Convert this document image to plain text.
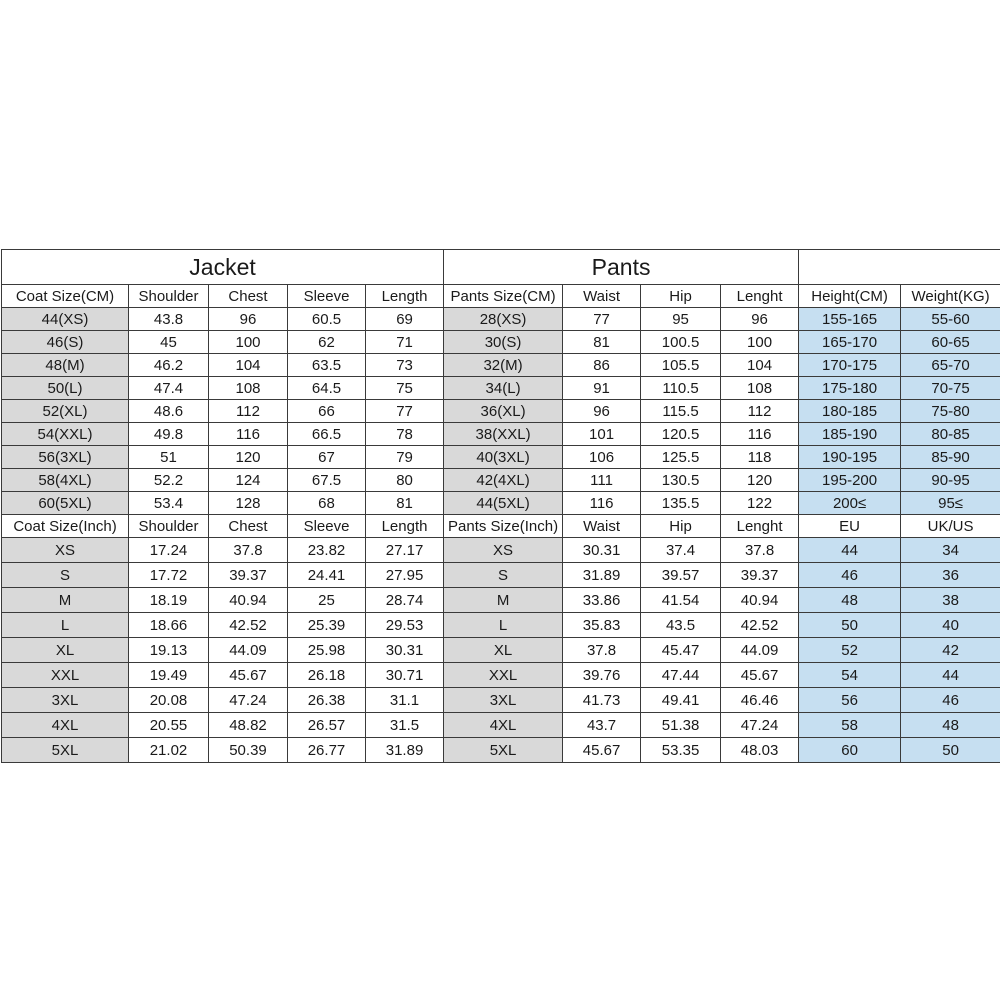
Jacket					Pants					
Coat Size(CM)	Shoulder	Chest	Sleeve	Length	Pants Size(CM)	Waist	Hip	Lenght	Height(CM)	Weight(KG)
44(XS)	43.8	96	60.5	69	28(XS)	77	95	96	155-165	55-60
46(S)	45	100	62	71	30(S)	81	100.5	100	165-170	60-65
48(M)	46.2	104	63.5	73	32(M)	86	105.5	104	170-175	65-70
50(L)	47.4	108	64.5	75	34(L)	91	110.5	108	175-180	70-75
52(XL)	48.6	112	66	77	36(XL)	96	115.5	112	180-185	75-80
54(XXL)	49.8	116	66.5	78	38(XXL)	101	120.5	116	185-190	80-85
56(3XL)	51	120	67	79	40(3XL)	106	125.5	118	190-195	85-90
58(4XL)	52.2	124	67.5	80	42(4XL)	111	130.5	120	195-200	90-95
60(5XL)	53.4	128	68	81	44(5XL)	116	135.5	122	200≤	95≤
Coat Size(Inch)	Shoulder	Chest	Sleeve	Length	Pants Size(Inch)	Waist	Hip	Lenght	EU	UK/US
XS	17.24	37.8	23.82	27.17	XS	30.31	37.4	37.8	44	34
S	17.72	39.37	24.41	27.95	S	31.89	39.57	39.37	46	36
M	18.19	40.94	25	28.74	M	33.86	41.54	40.94	48	38
L	18.66	42.52	25.39	29.53	L	35.83	43.5	42.52	50	40
XL	19.13	44.09	25.98	30.31	XL	37.8	45.47	44.09	52	42
XXL	19.49	45.67	26.18	30.71	XXL	39.76	47.44	45.67	54	44
3XL	20.08	47.24	26.38	31.1	3XL	41.73	49.41	46.46	56	46
4XL	20.55	48.82	26.57	31.5	4XL	43.7	51.38	47.24	58	48
5XL	21.02	50.39	26.77	31.89	5XL	45.67	53.35	48.03	60	50
